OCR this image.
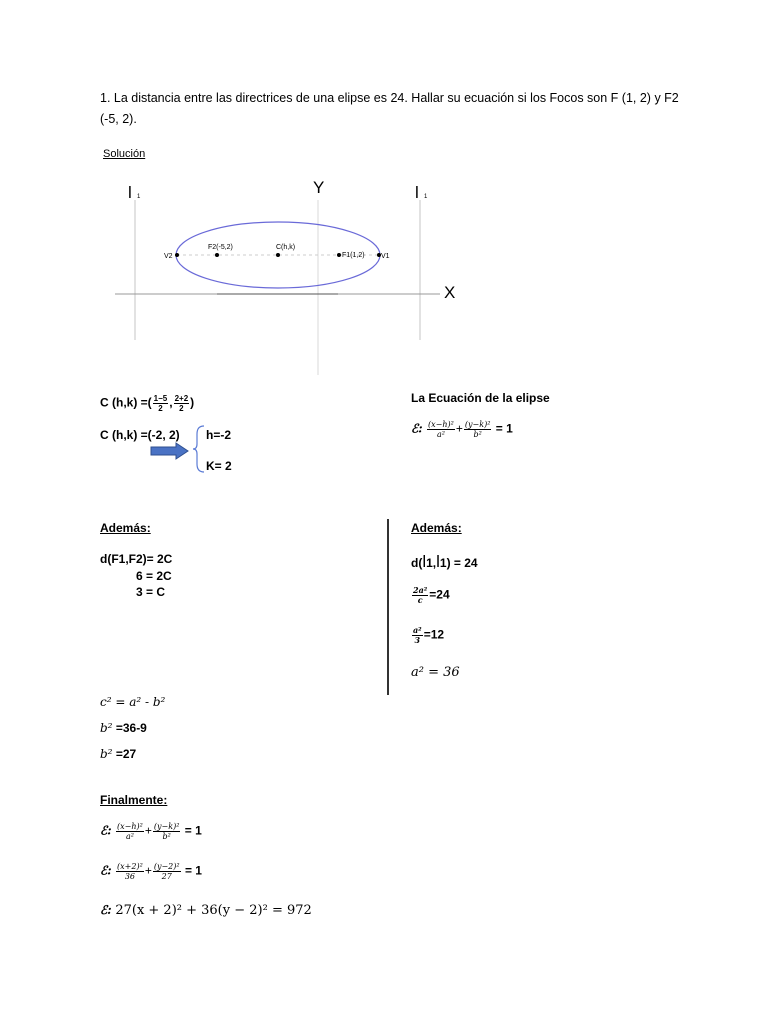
1. La distancia entre las directrices de una elipse es 24. Hallar su ecuación si los Focos son F (1, 2) y F2
(-5, 2).
Solución
V2
F2(-5,2)	C(h,k)
F1(1,2) V1
Y
X
l 1	l 1
C (h,k) =( $\frac{1-5}{2}$ , $\frac{2+2}{2}$ )
C (h,k) =(-2, 2) h=-2
K= 2
La Ecuación de la elipse
ℰ: $\frac{\text{(x−h)²}}{\text{a²}} + \frac{\text{(y−k)²}}{\text{b²}} = 1$
Además:
d(F1,F2)= 2C
6 = 2C
3 = C
Además:
d(l1,l1) = 24
$\frac{\text{2a²}}{c} =24$
$\frac{\text{a²}}{3} =12$
a² = 36
c² = a² - b²
b² =36-9
b² =27
Finalmente:
ℰ: $\frac{\text{(x−h)²}}{\text{a²}} + \frac{\text{(y−k)²}}{\text{b²}} = 1$
ℰ: $\frac{\text{(x+2)²}}{36} + \frac{\text{(y−2)²}}{27} = 1$
ℰ: 27(x + 2)² + 36(y − 2)² = 972
